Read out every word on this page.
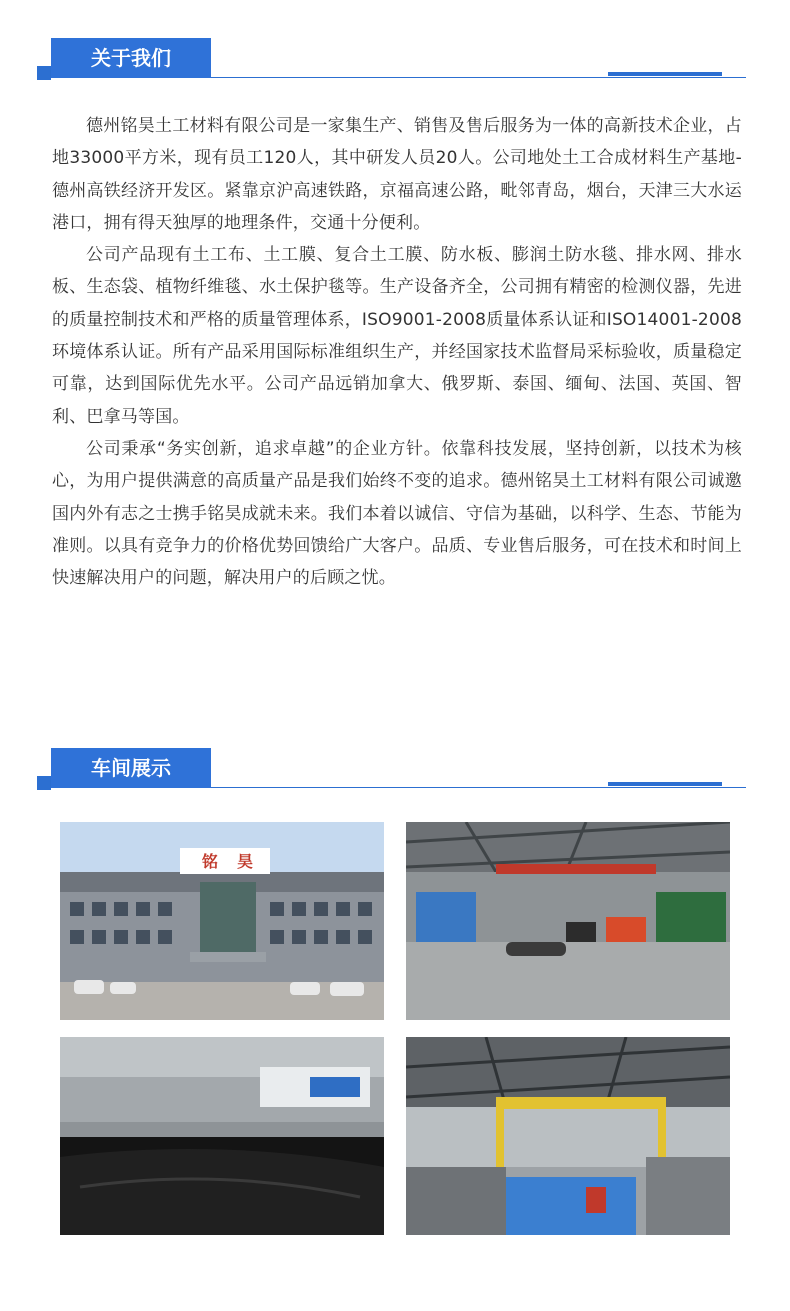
关于我们

德州铭昊土工材料有限公司是一家集生产、销售及售后服务为一体的高新技术企业，占地33000平方米，现有员工120人，其中研发人员20人。公司地处土工合成材料生产基地-德州高铁经济开发区。紧靠京沪高速铁路，京福高速公路，毗邻青岛，烟台，天津三大水运港口，拥有得天独厚的地理条件，交通十分便利。

公司产品现有土工布、土工膜、复合土工膜、防水板、膨润土防水毯、排水网、排水板、生态袋、植物纤维毯、水土保护毯等。生产设备齐全，公司拥有精密的检测仪器，先进的质量控制技术和严格的质量管理体系，ISO9001-2008质量体系认证和ISO14001-2008环境体系认证。所有产品采用国际标准组织生产，并经国家技术监督局采标验收，质量稳定可靠，达到国际优先水平。公司产品远销加拿大、俄罗斯、泰国、缅甸、法国、英国、智利、巴拿马等国。

公司秉承“务实创新，追求卓越”的企业方针。依靠科技发展，坚持创新，以技术为核心，为用户提供满意的高质量产品是我们始终不变的追求。德州铭昊土工材料有限公司诚邀国内外有志之士携手铭昊成就未来。我们本着以诚信、守信为基础，以科学、生态、节能为准则。以具有竞争力的价格优势回馈给广大客户。品质、专业售后服务，可在技术和时间上快速解决用户的问题，解决用户的后顾之忧。

车间展示
铭 昊
